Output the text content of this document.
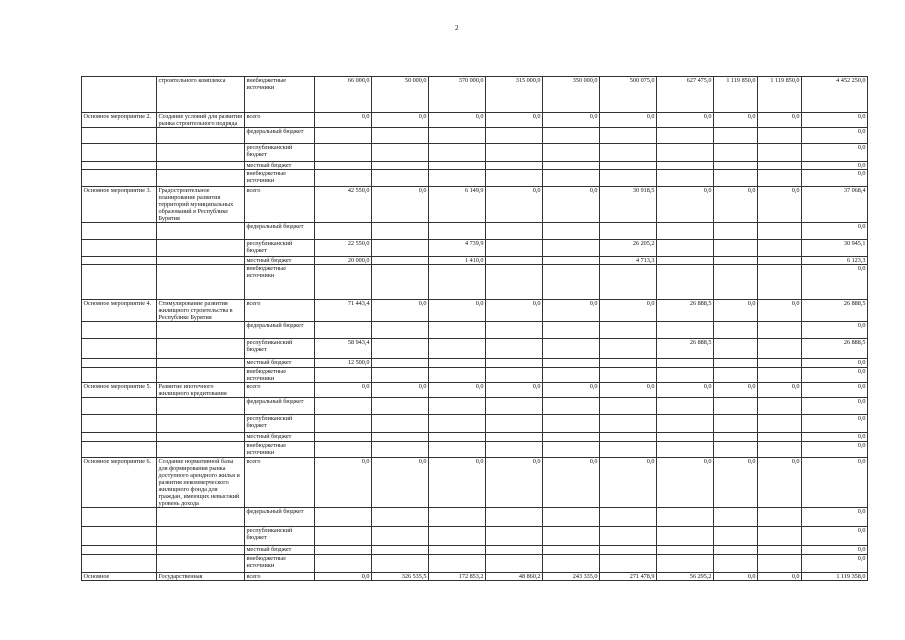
2
	строительного комплекса	внебюджетные источники	66 000,0	50 000,0	370 000,0	315 000,0	350 000,0	500 075,0	627 475,0	1 119 850,0	1 119 850,0	4 452 250,0
Основное мероприятие 2.	Создание условий для развития рынка строительного подряда	всего	0,0	0,0	0,0	0,0	0,0	0,0	0,0	0,0	0,0	0,0
		федеральный бюджет										0,0
		республиканский бюджет										0,0
		местный бюджет										0,0
		внебюджетные источники										0,0
Основное мероприятие 3.	Градостроительное планирование развития территорий муниципальных образований в Республике Бурятия	всего	42 550,0	0,0	6 149,9	0,0	0,0	30 918,5	0,0	0,0	0,0	37 068,4
		федеральный бюджет										0,0
		республиканский бюджет	22 550,0		4 739,9			26 205,2				30 945,1
		местный бюджет	20 000,0		1 410,0			4 713,3				6 123,3
		внебюджетные источники										0,0
Основное мероприятие 4.	Стимулирование развития жилищного строительства в Республике Бурятия	всего	71 443,4	0,0	0,0	0,0	0,0	0,0	26 888,5	0,0	0,0	26 888,5
		федеральный бюджет										0,0
		республиканский бюджет	58 943,4						26 888,5			26 888,5
		местный бюджет	12 500,0									0,0
		внебюджетные источники										0,0
Основное мероприятие 5.	Развитие ипотечного жилищного кредитования	всего	0,0	0,0	0,0	0,0	0,0	0,0	0,0	0,0	0,0	0,0
		федеральный бюджет										0,0
		республиканский бюджет										0,0
		местный бюджет										0,0
		внебюджетные источники										0,0
Основное мероприятие 6.	Создание нормативной базы для формирования рынка доступного арендного жилья и развития некоммерческого жилищного фонда для граждан, имеющих невысокий уровень дохода	всего	0,0	0,0	0,0	0,0	0,0	0,0	0,0	0,0	0,0	0,0
		федеральный бюджет										0,0
		республиканский бюджет										0,0
		местный бюджет										0,0
		внебюджетные источники										0,0
Основное	Государственная	всего	0,0	326 535,5	172 853,2	48 860,2	243 335,0	271 478,9	56 295,2	0,0	0,0	1 119 358,0
